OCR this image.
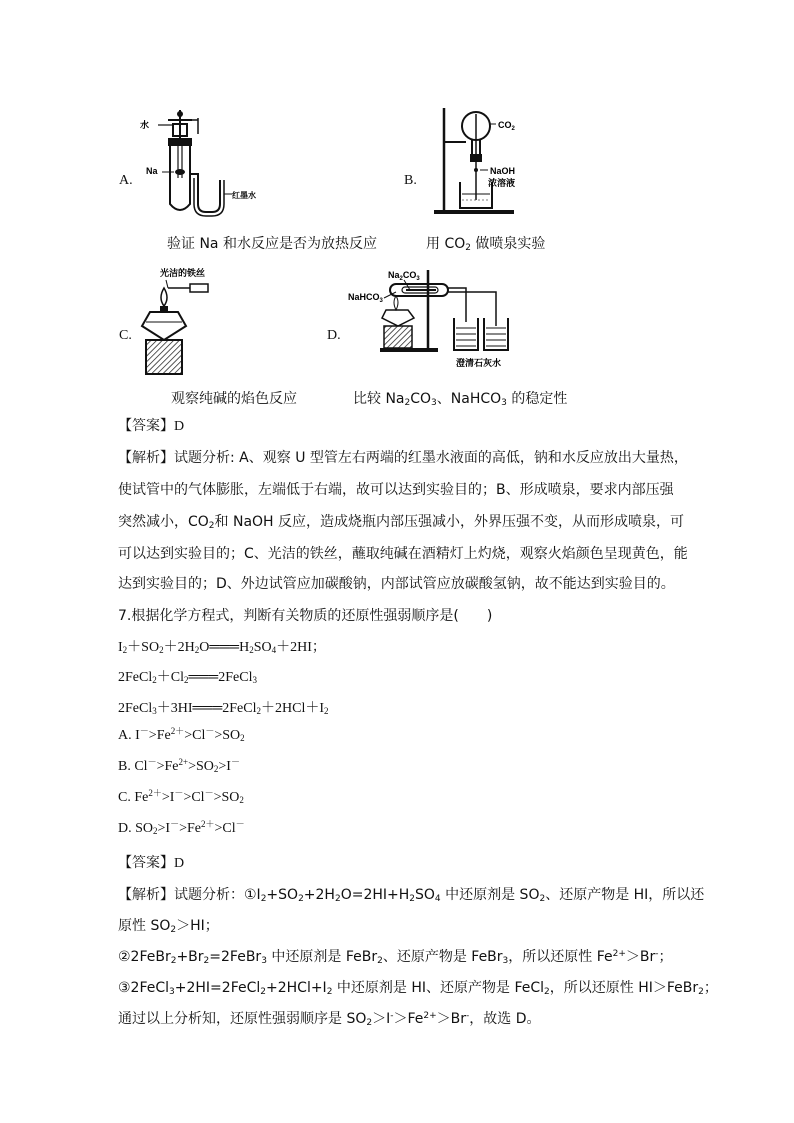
A.
水
Na
红墨水
验证 Na 和水反应是否为放热反应
B.
$CO_2$
NaOH
浓溶液
用 $CO_2$ 做喷泉实验
C.
光洁的铁丝
观察纯碱的焰色反应
D.
$Na_2CO_3$
NaHCO$_3$
澄清石灰水
比较 $Na_2CO_3$、NaHCO$_3$ 的稳定性
【答案】D
【解析】试题分析: A、观察 U 型管左右两端的红墨水液面的高低，钠和水反应放出大量热，
使试管中的气体膨胀，左端低于右端，故可以达到实验目的；B、形成喷泉，要求内部压强
突然减小，$CO_2$和 NaOH 反应，造成烧瓶内部压强减小，外界压强不变，从而形成喷泉，可
可以达到实验目的；C、光洁的铁丝，蘸取纯碱在酒精灯上灼烧，观察火焰颜色呈现黄色，能
达到实验目的；D、外边试管应加碳酸钠，内部试管应放碳酸氢钠，故不能达到实验目的。
7.根据化学方程式，判断有关物质的还原性强弱顺序是(　　)
$I_2+SO_2+2H_2O═══H_2SO_4+2HI$；
$2FeCl_2+Cl_2═══2FeCl_3$
$2FeCl_3+3HI═══2FeCl_2+2HCl+I_2$
A. $I^->Fe^{2+}>Cl^->SO_2$
B. $Cl^->Fe^{2+}>SO_2>I^-$
C. $Fe^{2+}>I^->Cl^->SO_2$
D. $SO_2>I^->Fe^{2+}>Cl^-$
【答案】D
【解析】试题分析：$①I_2+SO_2+2H_2O=2HI+H_2SO_4$ 中还原剂是 $SO_2$、还原产物是 HI，所以还
原性 $SO_2>HI$；
$②2FeBr_2+Br_2=2FeBr_3$ 中还原剂是 FeBr$_2$、还原产物是 FeBr$_3$，所以还原性 $Fe^{2+}>Br^-$；
$③2FeCl_3+2HI=2FeCl_2+2HCl+I_2$ 中还原剂是 HI、还原产物是 FeCl$_2$，所以还原性 HI＞FeBr$_2$；
通过以上分析知，还原性强弱顺序是 $SO_2>I^->Fe^{2+}>Br^-$，故选 D。
